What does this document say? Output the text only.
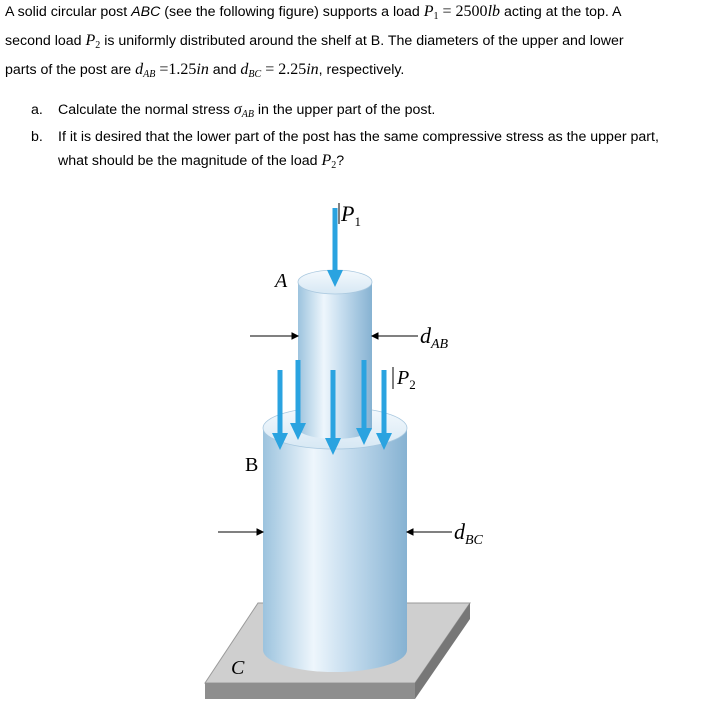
A solid circular post ABC (see the following figure) supports a load $P_1 = 2500lb$ acting at the top. A
second load $P_2$ is uniformly distributed around the shelf at B. The diameters of the upper and lower
parts of the post are $d_{AB} =1.25in$ and $d_{BC} = 2.25in$, respectively.
a. Calculate the normal stress $\sigma_{AB}$ in the upper part of the post.
b. If it is desired that the lower part of the post has the same compressive stress as the upper part,
what should be the magnitude of the load $P_2$?
$P_1$
$P_2$
A
B
C
$d_{AB}$
$d_{BC}$
